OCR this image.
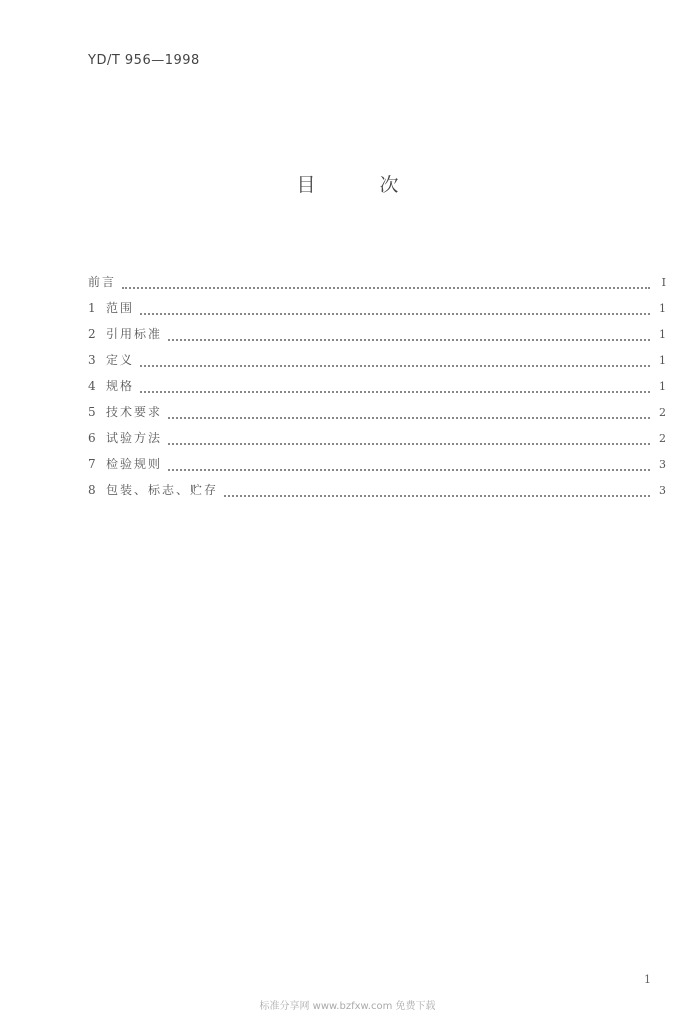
YD/T 956—1998
目	次
前言	Ⅰ
1 范围	1
2 引用标准	1
3 定义	1
4 规格	1
5 技术要求	2
6 试验方法	2
7 检验规则	3
8 包装、标志、贮存	3
1
标准分享网 www.bzfxw.com 免费下载
